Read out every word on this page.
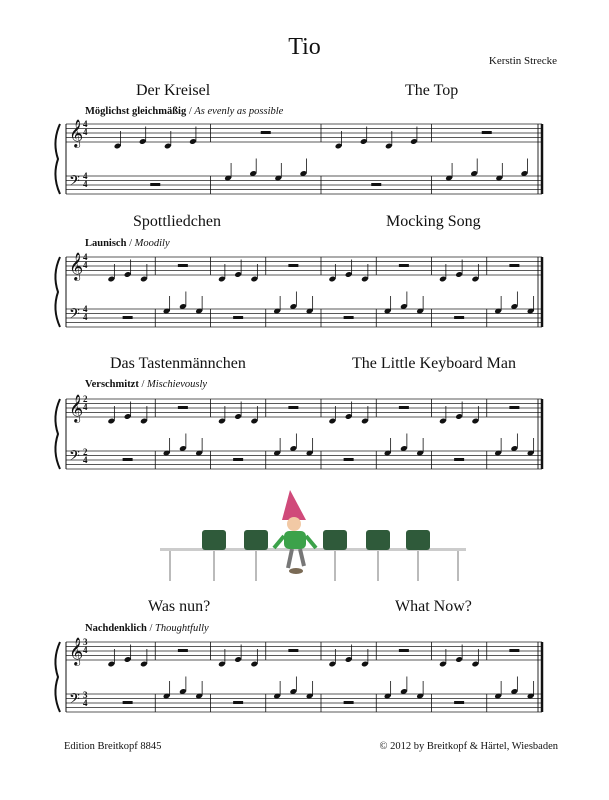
Tio
Kerstin Strecke
Der Kreisel	The Top
Möglichst gleichmäßig / As evenly as possible
4
4
4
4
Spottliedchen	Mocking Song
Launisch / Moodily
4
4
4
4
Das Tastenmännchen	The Little Keyboard Man
Verschmitzt / Mischievously
2
4
2
4
Was nun?	What Now?
Nachdenklich / Thoughtfully
3
4
3
4
𝄞
𝄢
𝄞
𝄢
𝄞
𝄢
𝄞
𝄢
Edition Breitkopf 8845	© 2012 by Breitkopf & Härtel, Wiesbaden
